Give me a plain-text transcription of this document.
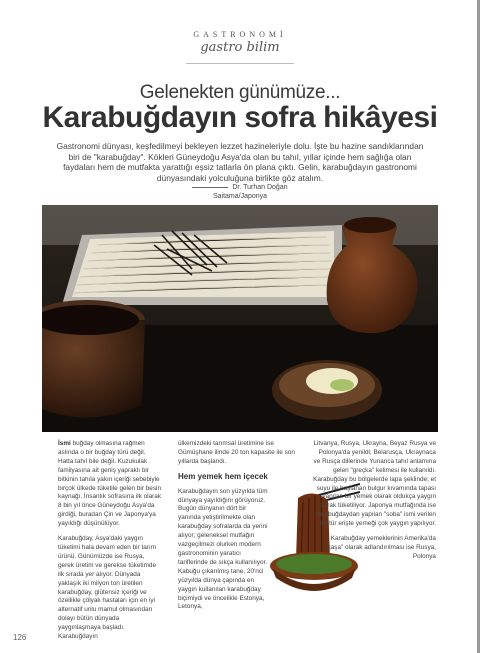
GASTRONOMİ
gastro bilim
Gelenekten günümüze...
Karabuğdayın sofra hikâyesi
Gastronomi dünyası, keşfedilmeyi bekleyen lezzet hazineleriyle dolu. İşte bu hazine sandıklarından biri de "karabuğday". Kökleri Güneydoğu Asya'da olan bu tahıl, yıllar içinde hem sağlığa olan faydaları hem de mutfakta yarattığı eşsiz tatlarla ön plana çıktı. Gelin, karabuğdayın gastronomi dünyasındaki yolculuğuna birlikte göz atalım.
Dr. Turhan Doğan
Saitama/Japonya

İsmi buğday olmasına rağmen aslında o bir buğday türü değil. Hatta tahıl bile değil. Kuzukulak familyasına ait geniş yapraklı bir bitkinin tahıla yakın içeriği sebebiyle birçok ülkede tüketile gelen bir besin kaynağı. İnsanlık sofrasına ilk olarak 8 bin yıl önce Güneydoğu Asya'da girdiği, buradan Çin ve Japonya'ya yayıldığı düşünülüyor.

Karabuğday, Asya'daki yaygın tüketimi hala devam eden bir tarım ürünü. Günümüzde ise Rusya, gerek üretim ve gerekse tüketimde ilk sırada yer alıyor. Dünyada yaklaşık iki milyon ton üretilen karabuğday, glütensiz içeriği ve özellikle çölyak hastaları için en iyi alternatif unlu mamul olmasından dolayı bütün dünyada yaygınlaşmaya başladı. Karabuğdayın

ülkemizdeki tarımsal üretimine ise Gümüşhane ilinde 20 ton kapasite ile son yıllarda başlandı.

Hem yemek hem içecek

Karabuğdayın son yüzyılda tüm dünyaya yayıldığını görüyoruz. Bugün dünyanın dört bir yanında yetiştirilmekte olan karabuğday sofralarda da yerini alıyor; geleneksel mutfağın vazgeçilmezi olurken modern gastronominin yaratıcı tariflerinde de sıkça kullanılıyor. Kabuğu çıkarılmış tane, 20'nci yüzyılda dünya çapında en yaygın kullanılan karabuğday biçimiydi ve öncelikle Estonya, Letonya,

Litvanya, Rusya, Ukrayna, Beyaz Rusya ve Polonya'da yenildi; Belarusça, Ukraynaca ve Rusça dillerinde Yunanca tahıl anlamına gelen "greçka" kelimesi ile kullanıldı. Karabuğday bu bölgelerde lapa şeklinde; et suyu ile haşlanan bulgur kıvamında tapası yapılan bir yemek olarak oldukça yaygın olarak tüketiliyor. Japonya mutfağında ise karabuğdaydan yapılan "soba" ismi verilen bir tür erişte yemeği çok yaygın yapılıyor.

Karabuğday yemeklerinin Amerika'da "kaşa" olarak adlandırılması ise Rusya, Polonya

126
